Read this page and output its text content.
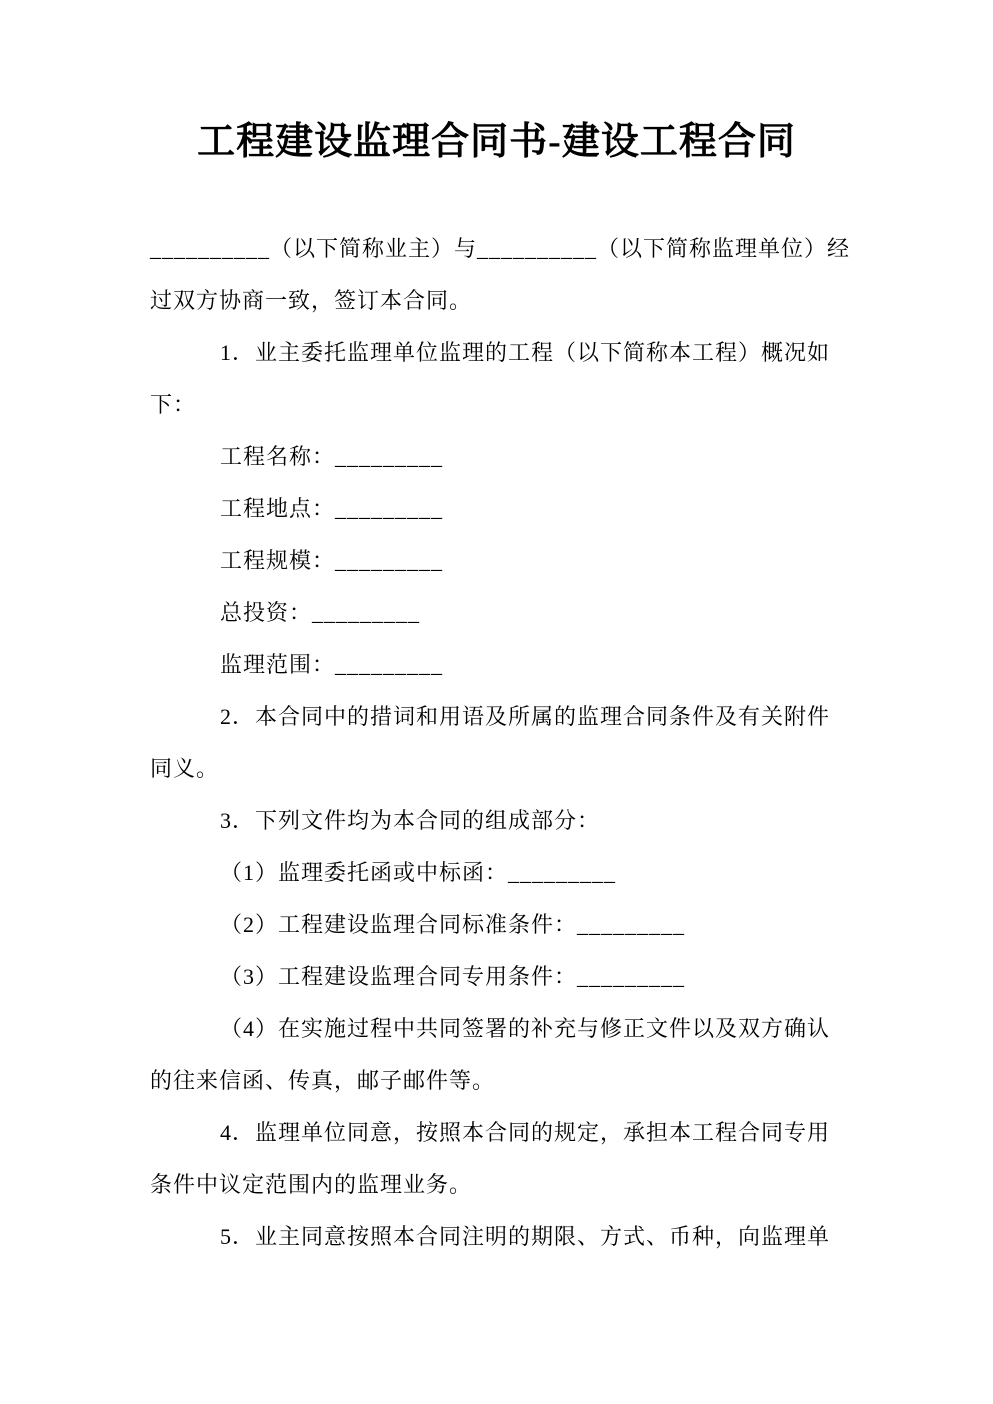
工程建设监理合同书-建设工程合同

__________（以下简称业主）与__________（以下简称监理单位）经

过双方协商一致，签订本合同。

1．业主委托监理单位监理的工程（以下简称本工程）概况如

下：

工程名称：_________

工程地点：_________

工程规模：_________

总投资：_________

监理范围：_________

2．本合同中的措词和用语及所属的监理合同条件及有关附件

同义。

3．下列文件均为本合同的组成部分：

（1）监理委托函或中标函：_________

（2）工程建设监理合同标准条件：_________

（3）工程建设监理合同专用条件：_________

（4）在实施过程中共同签署的补充与修正文件以及双方确认

的往来信函、传真，邮子邮件等。

4．监理单位同意，按照本合同的规定，承担本工程合同专用

条件中议定范围内的监理业务。

5．业主同意按照本合同注明的期限、方式、币种，向监理单
